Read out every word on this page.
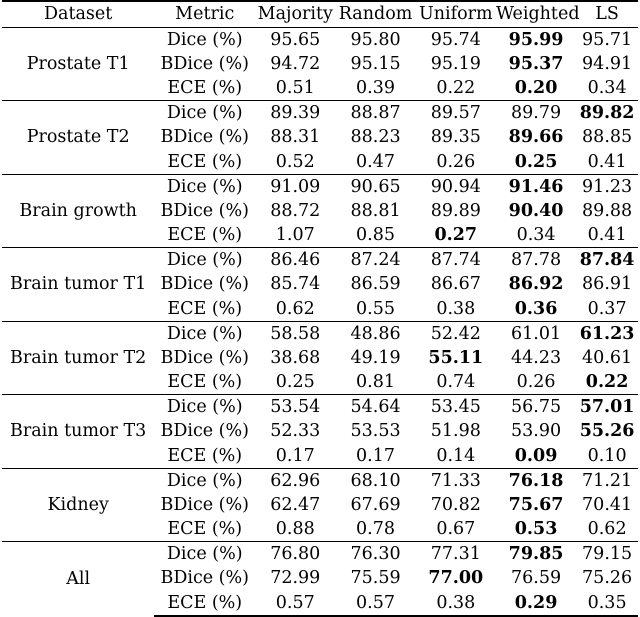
Dataset	Metric	Majority	Random	Uniform	Weighted	LS
Prostate T1	Dice (%)	95.65	95.80	95.74	95.99	95.71
	BDice (%)	94.72	95.15	95.19	95.37	94.91
	ECE (%)	0.51	0.39	0.22	0.20	0.34
Prostate T2	Dice (%)	89.39	88.87	89.57	89.79	89.82
	BDice (%)	88.31	88.23	89.35	89.66	88.85
	ECE (%)	0.52	0.47	0.26	0.25	0.41
Brain growth	Dice (%)	91.09	90.65	90.94	91.46	91.23
	BDice (%)	88.72	88.81	89.89	90.40	89.88
	ECE (%)	1.07	0.85	0.27	0.34	0.41
Brain tumor T1	Dice (%)	86.46	87.24	87.74	87.78	87.84
	BDice (%)	85.74	86.59	86.67	86.92	86.91
	ECE (%)	0.62	0.55	0.38	0.36	0.37
Brain tumor T2	Dice (%)	58.58	48.86	52.42	61.01	61.23
	BDice (%)	38.68	49.19	55.11	44.23	40.61
	ECE (%)	0.25	0.81	0.74	0.26	0.22
Brain tumor T3	Dice (%)	53.54	54.64	53.45	56.75	57.01
	BDice (%)	52.33	53.53	51.98	53.90	55.26
	ECE (%)	0.17	0.17	0.14	0.09	0.10
Kidney	Dice (%)	62.96	68.10	71.33	76.18	71.21
	BDice (%)	62.47	67.69	70.82	75.67	70.41
	ECE (%)	0.88	0.78	0.67	0.53	0.62
All	Dice (%)	76.80	76.30	77.31	79.85	79.15
	BDice (%)	72.99	75.59	77.00	76.59	75.26
	ECE (%)	0.57	0.57	0.38	0.29	0.35
